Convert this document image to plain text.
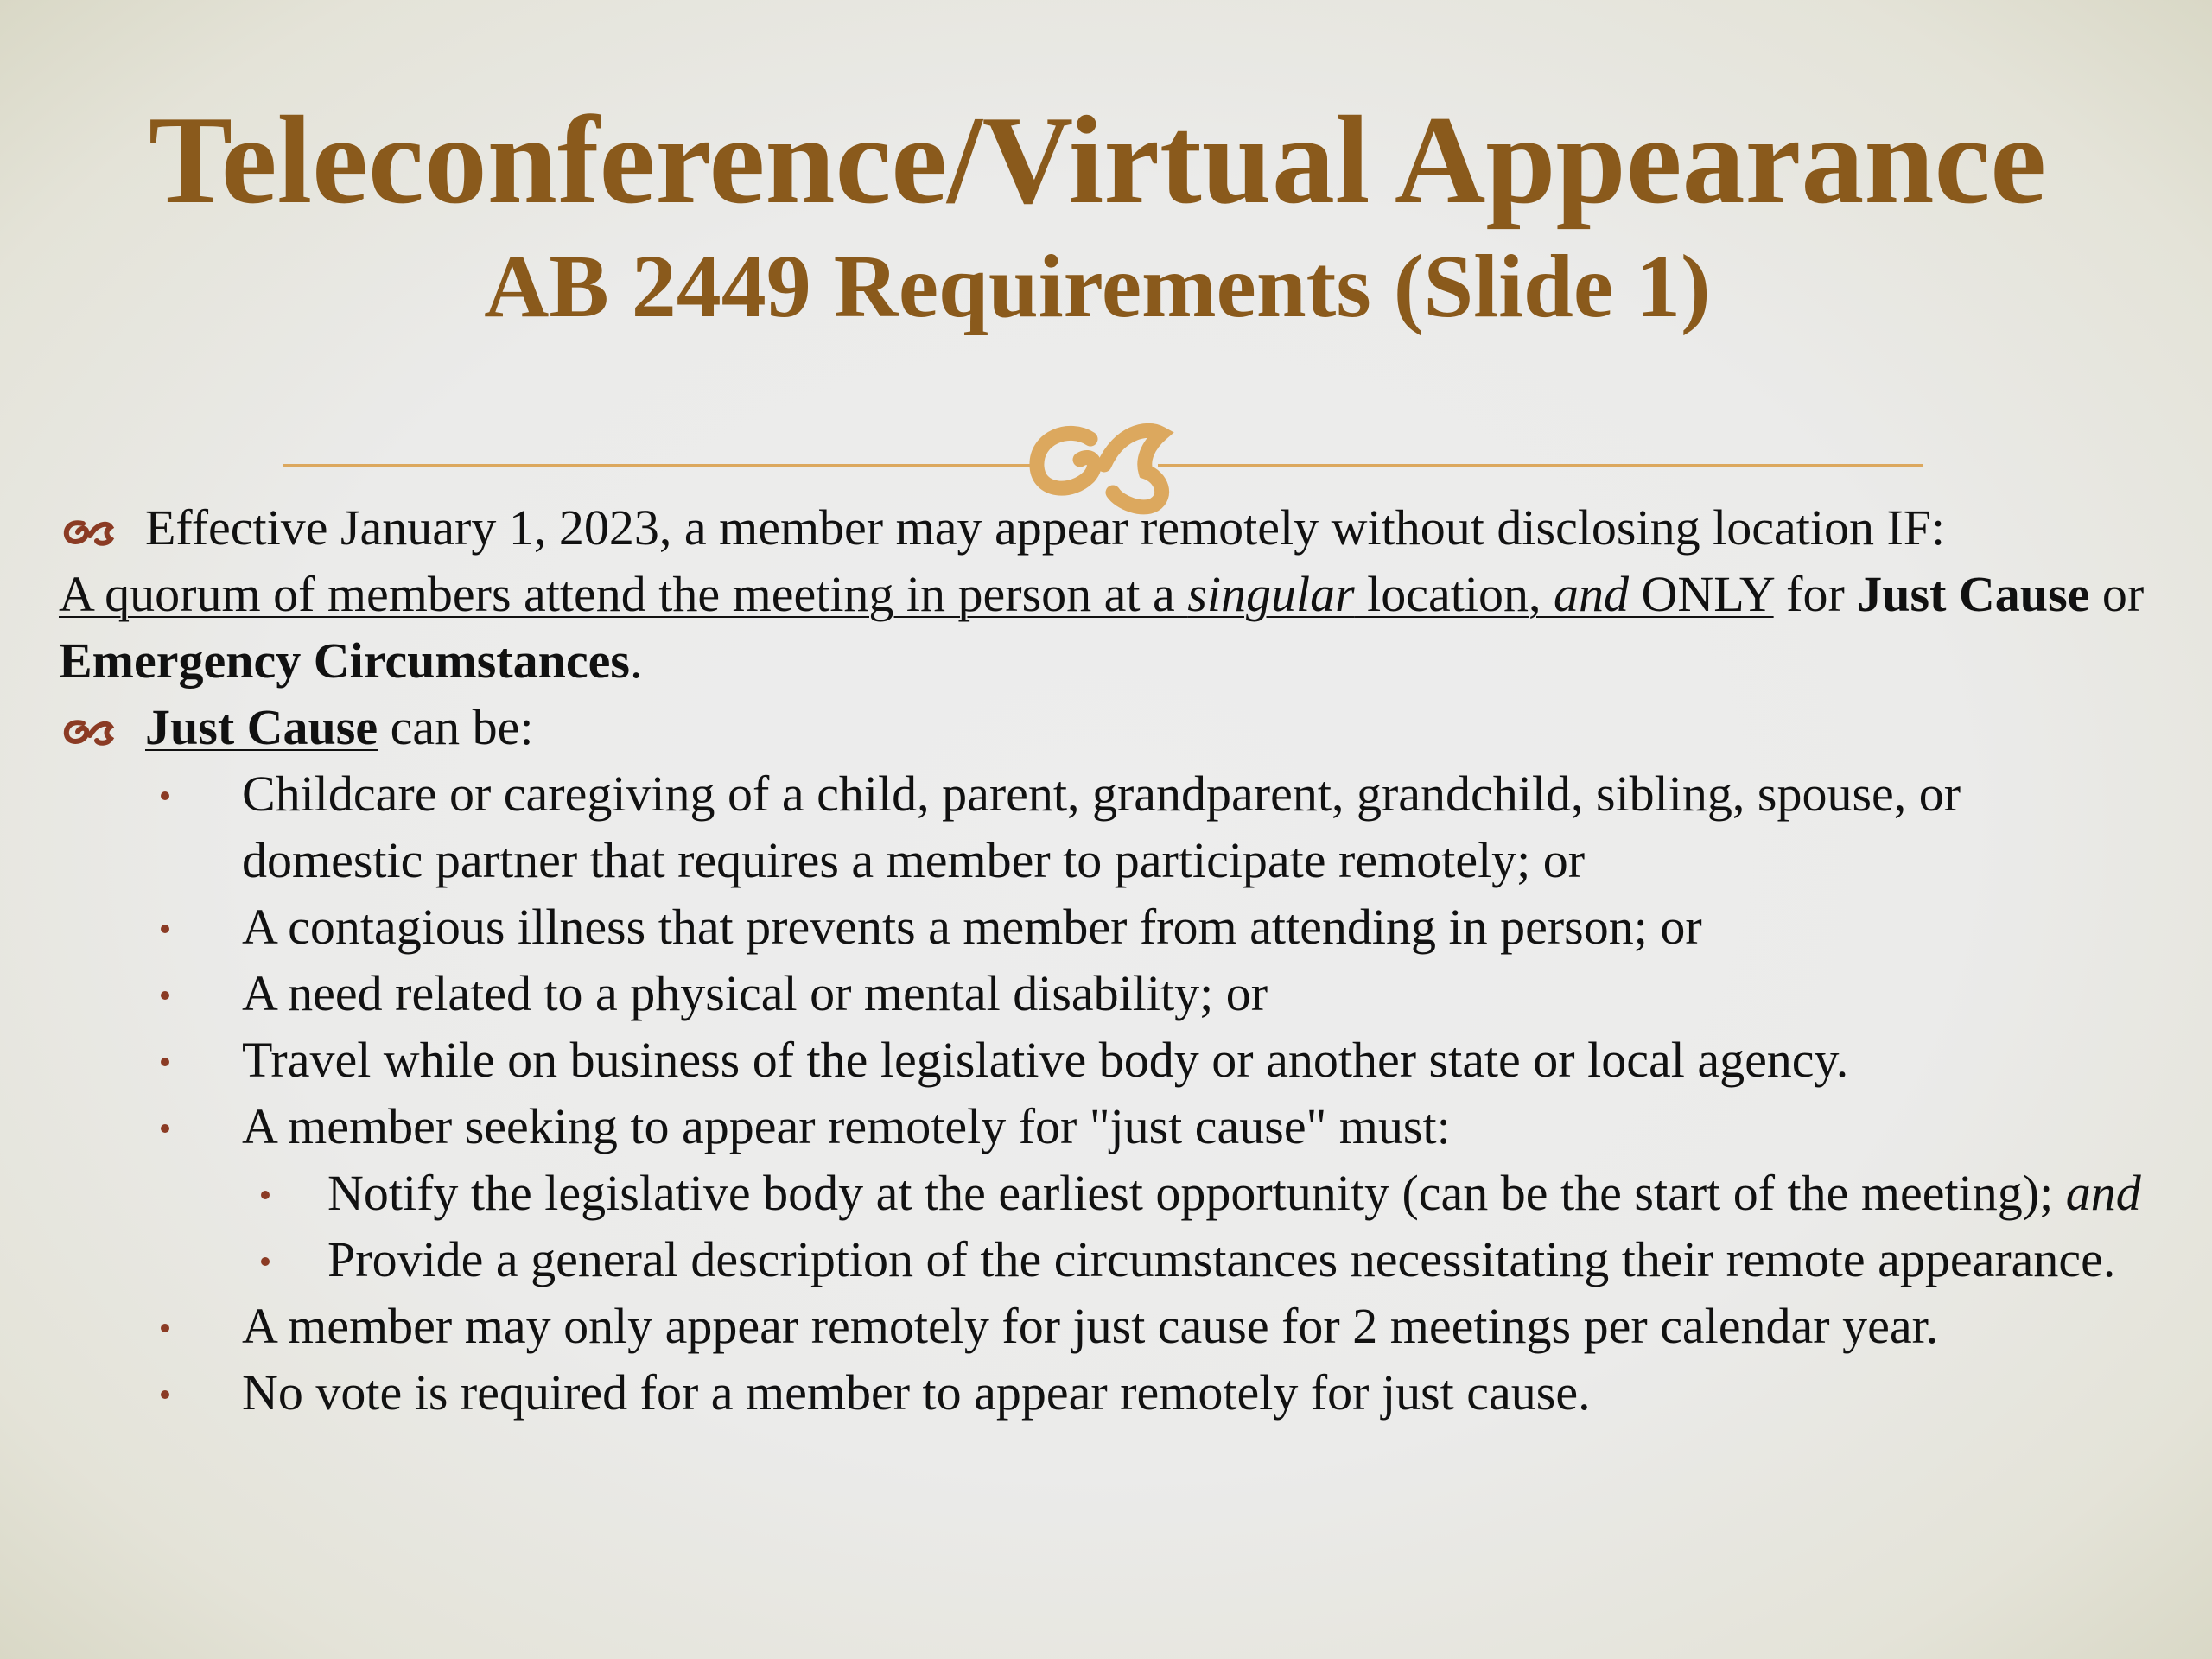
Teleconference/Virtual Appearance
AB 2449 Requirements (Slide 1)

Effective January 1, 2023, a member may appear remotely without disclosing location IF:
A quorum of members attend the meeting in person at a singular location, and ONLY for Just Cause or Emergency Circumstances.

Just Cause can be:

Childcare or caregiving of a child, parent, grandparent, grandchild, sibling, spouse, or domestic partner that requires a member to participate remotely; or
A contagious illness that prevents a member from attending in person; or
A need related to a physical or mental disability; or
Travel while on business of the legislative body or another state or local agency.
A member seeking to appear remotely for "just cause" must:
Notify the legislative body at the earliest opportunity (can be the start of the meeting); and
Provide a general description of the circumstances necessitating their remote appearance.
A member may only appear remotely for just cause for 2 meetings per calendar year.
No vote is required for a member to appear remotely for just cause.
